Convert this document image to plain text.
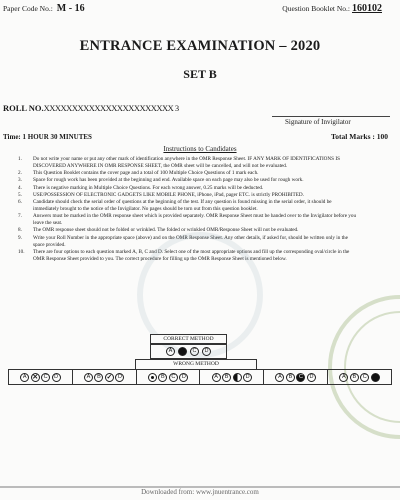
Paper Code No.: M - 16	Question Booklet No.: 160102
ENTRANCE EXAMINATION – 2020
SET B
ROLL NO.XXXXXXXXXXXXXXXXXXXXXXX 3
Signature of Invigilator
Time: 1 HOUR 30 MINUTES	Total Marks : 100
Instructions to Candidates
1.	Do not write your name or put any other mark of identification anywhere in the OMR Response Sheet. IF ANY MARK OF IDENTIFICATIONS IS DISCOVERED ANYWHERE IN OMR RESPONSE SHEET, the OMR sheet will be cancelled, and will not be evaluated.
2.	This Question Booklet contains the cover page and a total of 100 Multiple Choice Questions of 1 mark each.
3.	Space for rough work has been provided at the beginning and end. Available space on each page may also be used for rough work.
4.	There is negative marking in Multiple Choice Questions. For each wrong answer, 0.25 marks will be deducted.
5.	USE/POSSESSION OF ELECTRONIC GADGETS LIKE MOBILE PHONE, iPhone, iPad, pager ETC. is strictly PROHIBITED.
6.	Candidate should check the serial order of questions at the beginning of the test. If any question is found missing in the serial order, it should be immediately brought to the notice of the Invigilator. No pages should be torn out from this question booklet.
7.	Answers must be marked in the OMR response sheet which is provided separately. OMR Response Sheet must be handed over to the Invigilator before you leave the seat.
8.	The OMR response sheet should not be folded or wrinkled. The folded or wrinkled OMR/Response Sheet will not be evaluated.
9.	Write your Roll Number in the appropriate space (above) and on the OMR Response Sheet. Any other details, if asked for, should be written only in the space provided.
10.	There are four options to each question marked A, B, C and D. Select one of the most appropriate options and fill up the corresponding oval/circle in the OMR Response Sheet provided to you. The correct procedure for filling up the OMR Response Sheet is mentioned below.
CORRECT METHOD
A	B	C	D
WRONG METHOD
A ✕	C	D	A	B ✓	D	B	C	D	A	B	D	A	B	C	D	A	B	C	D
Downloaded from: www.jnuentrance.com
